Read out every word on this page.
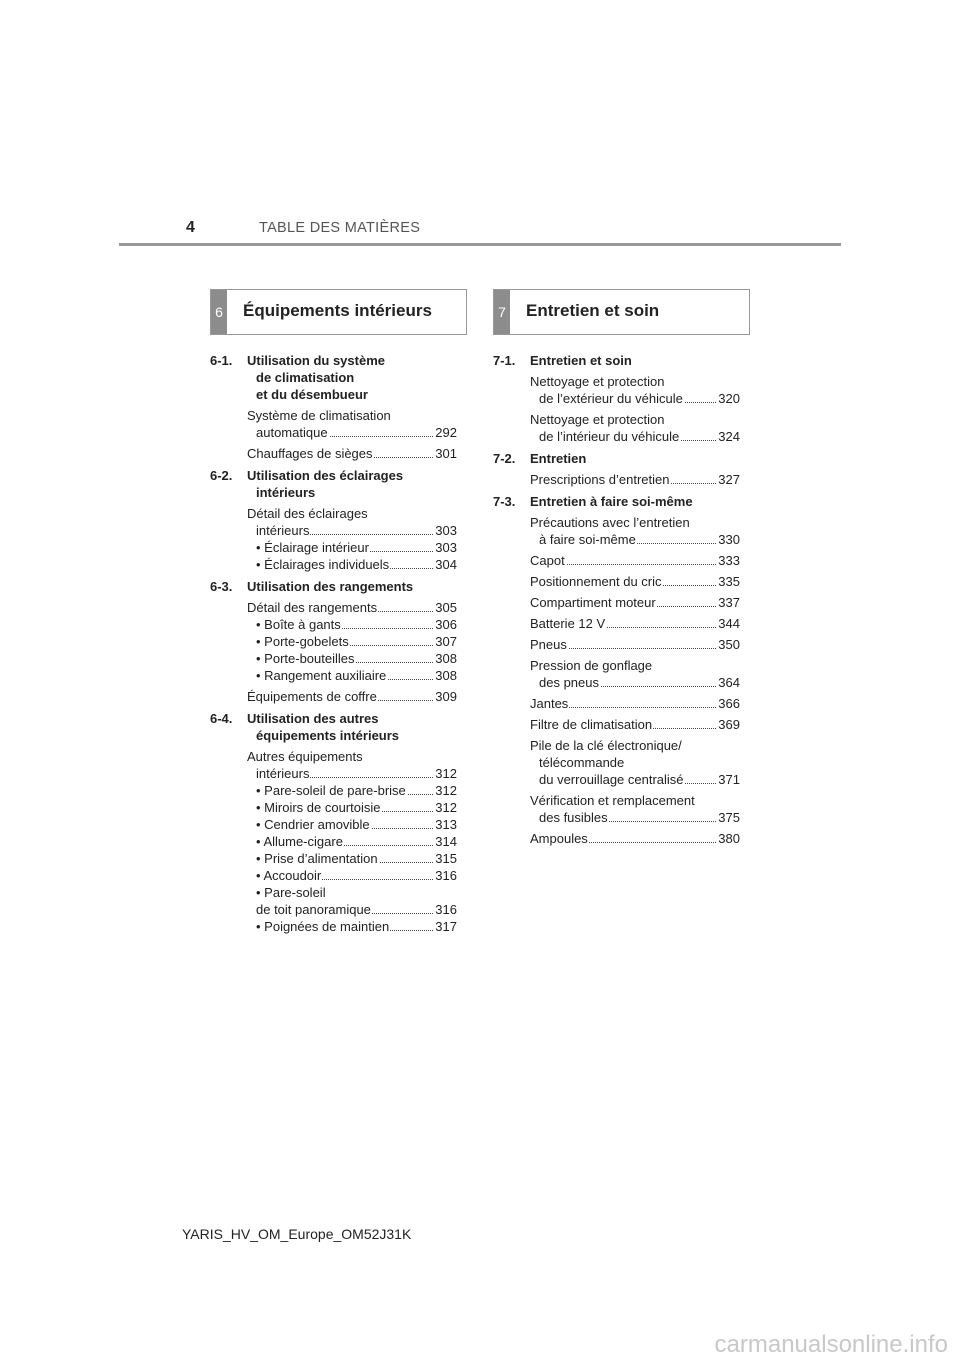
4	TABLE DES MATIÈRES
6 Équipements intérieurs	7 Entretien et soin
6-1.	Utilisation du système
de climatisation
et du désembueur
Système de climatisation
automatique	292
Chauffages de sièges	301
6-2.	Utilisation des éclairages
intérieurs
Détail des éclairages
intérieurs	303
• Éclairage intérieur	303
• Éclairages individuels	304
6-3.	Utilisation des rangements
Détail des rangements	305
• Boîte à gants	306
• Porte-gobelets	307
• Porte-bouteilles	308
• Rangement auxiliaire	308
Équipements de coffre	309
6-4.	Utilisation des autres
équipements intérieurs
Autres équipements
intérieurs	312
• Pare-soleil de pare-brise 312
• Miroirs de courtoisie	312
• Cendrier amovible	313
• Allume-cigare	314
• Prise d’alimentation	315
• Accoudoir	316
• Pare-soleil
de toit panoramique	316
• Poignées de maintien	317
7-1.	Entretien et soin
Nettoyage et protection
de l’extérieur du véhicule	320
Nettoyage et protection
de l’intérieur du véhicule	324
7-2.	Entretien
Prescriptions d’entretien	327
7-3.	Entretien à faire soi-même
Précautions avec l’entretien
à faire soi-même	330
Capot	333
Positionnement du cric	335
Compartiment moteur	337
Batterie 12 V	344
Pneus	350
Pression de gonflage
des pneus	364
Jantes	366
Filtre de climatisation	369
Pile de la clé électronique/
télécommande
du verrouillage centralisé	371
Vérification et remplacement
des fusibles	375
Ampoules	380
YARIS_HV_OM_Europe_OM52J31K
carmanualsonline.info
